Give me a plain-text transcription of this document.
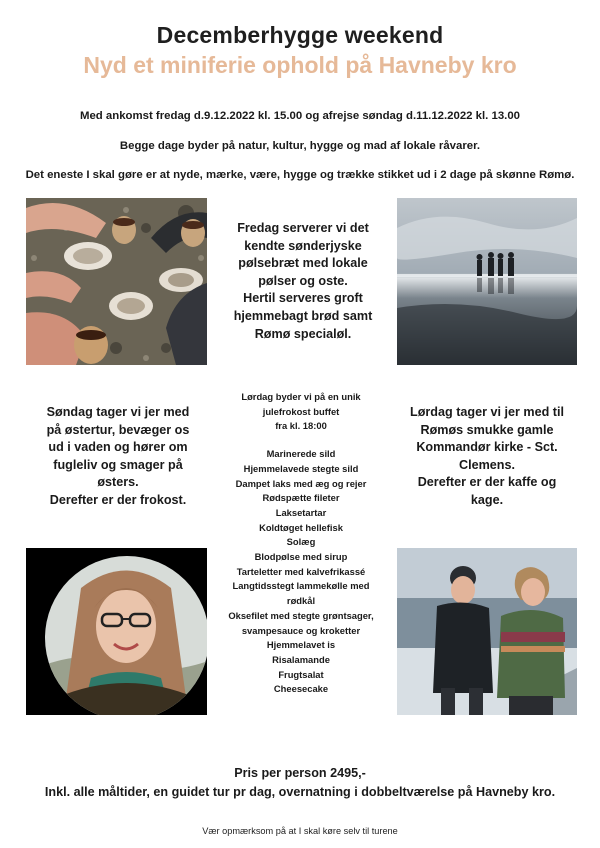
Decemberhygge weekend
Nyd et miniferie ophold på Havneby kro
Med ankomst fredag d.9.12.2022 kl. 15.00 og afrejse søndag d.11.12.2022 kl. 13.00
Begge dage byder på natur, kultur, hygge og mad af lokale råvarer.
Det eneste I skal gøre er at nyde, mærke, være, hygge og trække stikket ud i 2 dage på skønne Rømø.
Fredag serverer vi det
kendte sønderjyske
pølsebræt med lokale
pølser og oste.
Hertil serveres groft
hjemmebagt brød samt
Rømø specialøl.
Søndag tager vi jer med
på østertur, bevæger os
ud i vaden og hører om
fugleliv og smager på
østers.
Derefter er der frokost.
Lørdag byder vi på en unik
julefrokost buffet
fra kl. 18:00
Marinerede sild
Hjemmelavede stegte sild
Dampet laks med æg og rejer
Rødspætte fileter
Laksetartar
Koldtøget hellefisk
Solæg
Blodpølse med sirup
Tarteletter med kalvefrikassé
Langtidsstegt lammekølle med
rødkål
Oksefilet med stegte grøntsager,
svampesauce og kroketter
Hjemmelavet is
Risalamande
Frugtsalat
Cheesecake
Lørdag tager vi jer med til
Rømøs smukke gamle
Kommandør kirke - Sct.
Clemens.
Derefter er der kaffe og
kage.
Pris per person 2495,-
Inkl. alle måltider, en guidet tur pr dag, overnatning i dobbeltværelse på Havneby kro.
Vær opmærksom på at I skal køre selv til turene
